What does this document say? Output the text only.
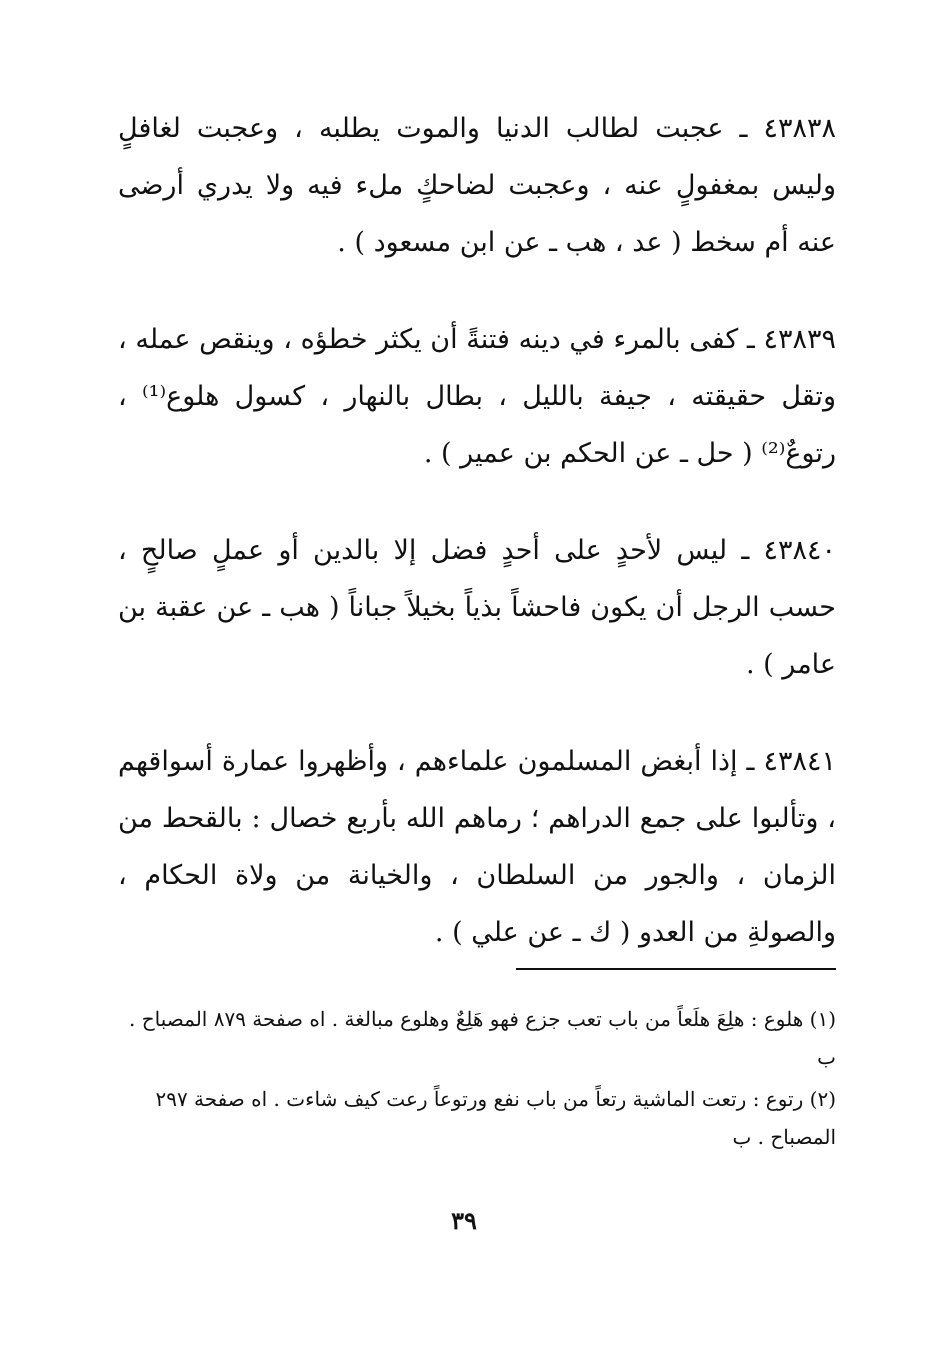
٤٣٨٣٨ ـ عجبت لطالب الدنيا والموت يطلبه ، وعجبت لغافلٍ وليس بمغفولٍ عنه ، وعجبت لضاحكٍ ملء فيه ولا يدري أرضى عنه أم سخط ( عد ، هب ـ عن ابن مسعود ) .

٤٣٨٣٩ ـ كفى بالمرء في دينه فتنةً أن يكثر خطؤه ، وينقص عمله ، وتقل حقيقته ، جيفة بالليل ، بطال بالنهار ، كسول هلوع⁽¹⁾ ، رتوعٌ⁽²⁾ ( حل ـ عن الحكم بن عمير ) .

٤٣٨٤٠ ـ ليس لأحدٍ على أحدٍ فضل إلا بالدين أو عملٍ صالحٍ ، حسب الرجل أن يكون فاحشاً بذياً بخيلاً جباناً ( هب ـ عن عقبة بن عامر ) .

٤٣٨٤١ ـ إذا أبغض المسلمون علماءهم ، وأظهروا عمارة أسواقهم ، وتألبوا على جمع الدراهم ؛ رماهم الله بأربع خصال : بالقحط من الزمان ، والجور من السلطان ، والخيانة من ولاة الحكام ، والصولةِ من العدو ( ك ـ عن علي ) .

(١) هلوع : هلِعَ هلَعاً من باب تعب جزع فهو هَلِعٌ وهلوع مبالغة . اه صفحة ٨٧٩ المصباح . ب

(٢) رتوع : رتعت الماشية رتعاً من باب نفع ورتوعاً رعت كيف شاءت . اه صفحة ٢٩٧ المصباح . ب

٣٩
